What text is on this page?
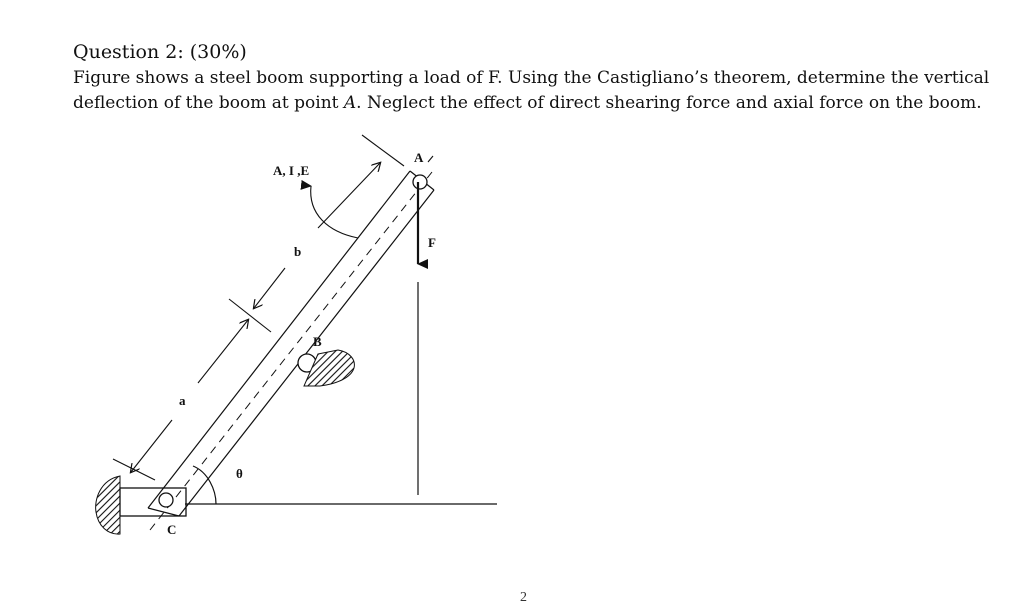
Question 2: (30%)
Figure shows a steel boom supporting a load of F. Using the Castigliano’s theorem, determine the vertical deflection of the boom at point A. Neglect the effect of direct shearing force and axial force on the boom.
A
A, I ,E
F
b
B
a
θ
C
2
